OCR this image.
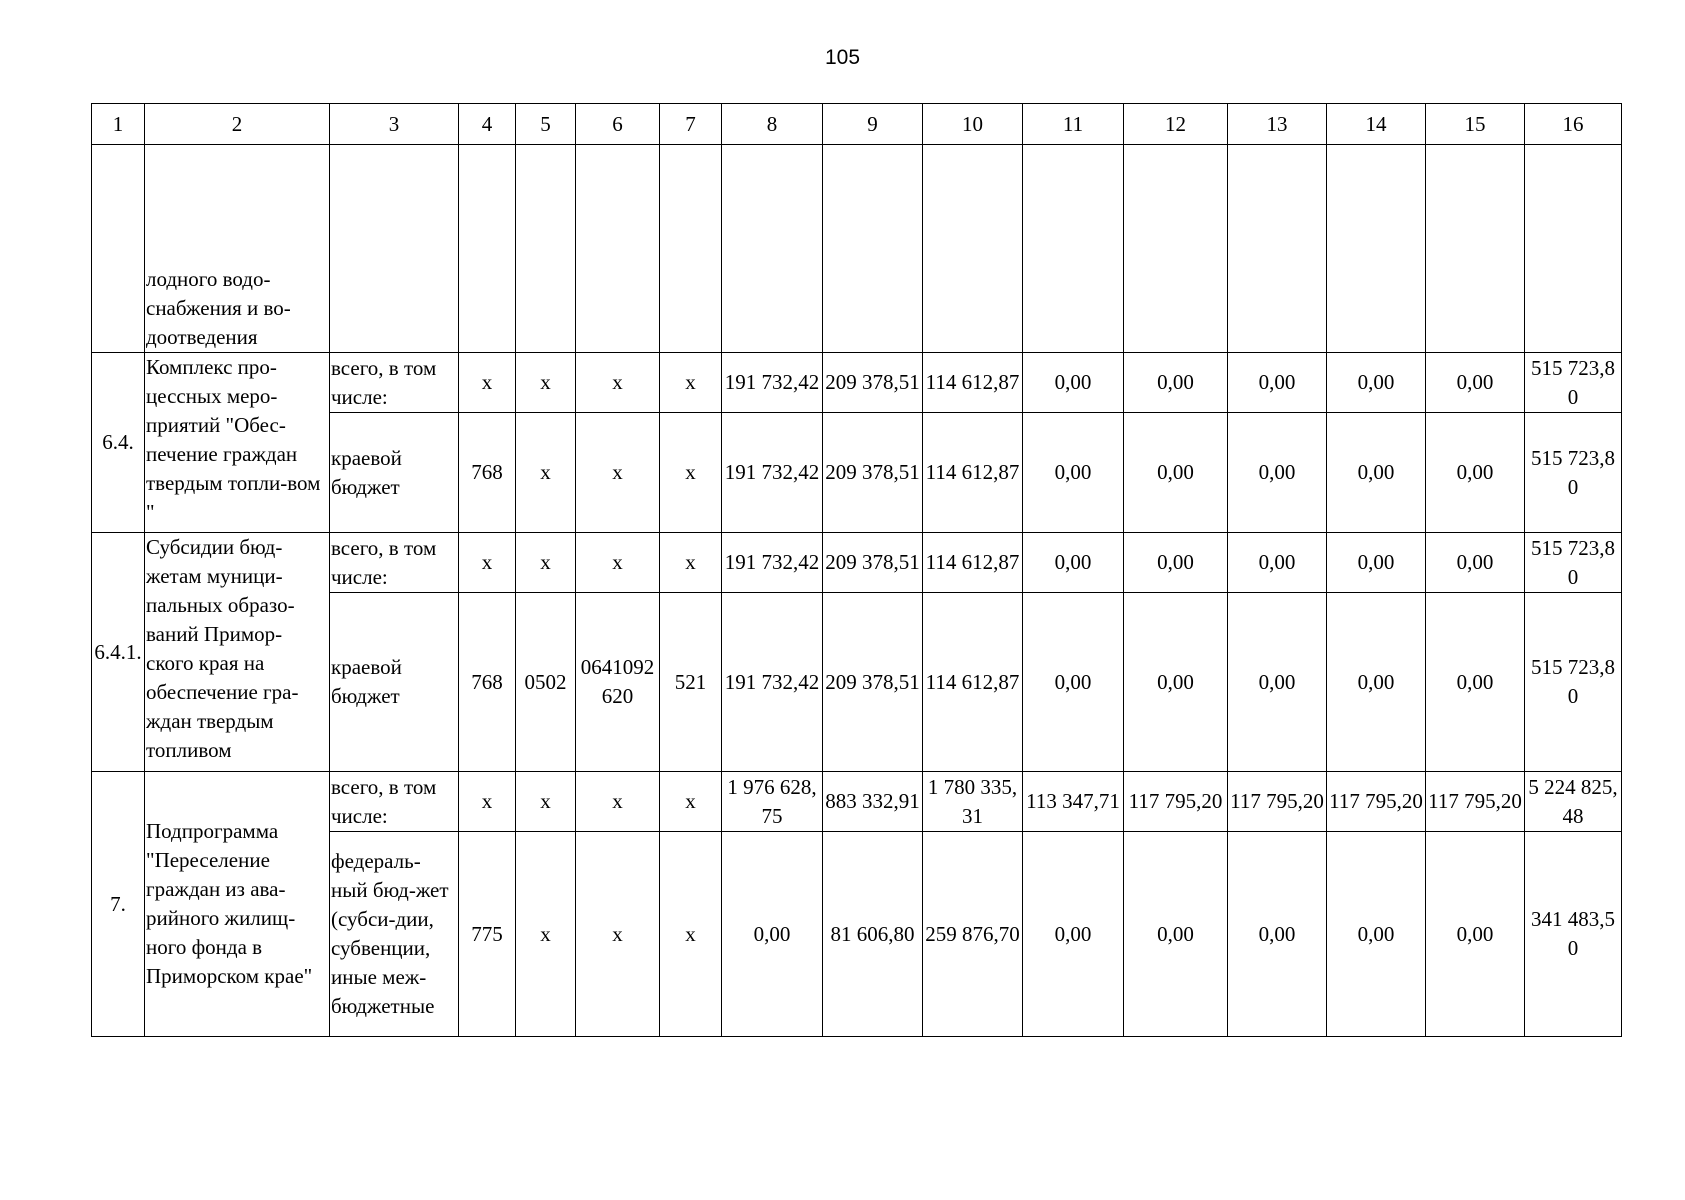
105
1	2	3	4	5	6	7	8	9	10	11	12	13	14	15	16
	лодного водо-снабжения и во-доотведения														
6.4.	Комплекс про-цессных меро-приятий "Обес-печение граждан твердым топли-вом "	всего, в том числе:	x	x	x	x	191 732,42	209 378,51	114 612,87	0,00	0,00	0,00	0,00	0,00	515 723,80
		краевой бюджет	768	x	x	x	191 732,42	209 378,51	114 612,87	0,00	0,00	0,00	0,00	0,00	515 723,80
6.4.1.	Субсидии бюд-жетам муници-пальных образо-ваний Примор-ского края на обеспечение гра-ждан твердым топливом	всего, в том числе:	x	x	x	x	191 732,42	209 378,51	114 612,87	0,00	0,00	0,00	0,00	0,00	515 723,80
		краевой бюджет	768	0502	0641092620	521	191 732,42	209 378,51	114 612,87	0,00	0,00	0,00	0,00	0,00	515 723,80
7.	Подпрограмма "Переселение граждан из ава-рийного жилищ-ного фонда в Приморском крае"	всего, в том числе:	x	x	x	x	1 976 628,75	883 332,91	1 780 335,31	113 347,71	117 795,20	117 795,20	117 795,20	117 795,20	5 224 825,48
		федераль-ный бюд-жет (субси-дии, субвенции, иные меж-бюджетные	775	x	x	x	0,00	81 606,80	259 876,70	0,00	0,00	0,00	0,00	0,00	341 483,50
